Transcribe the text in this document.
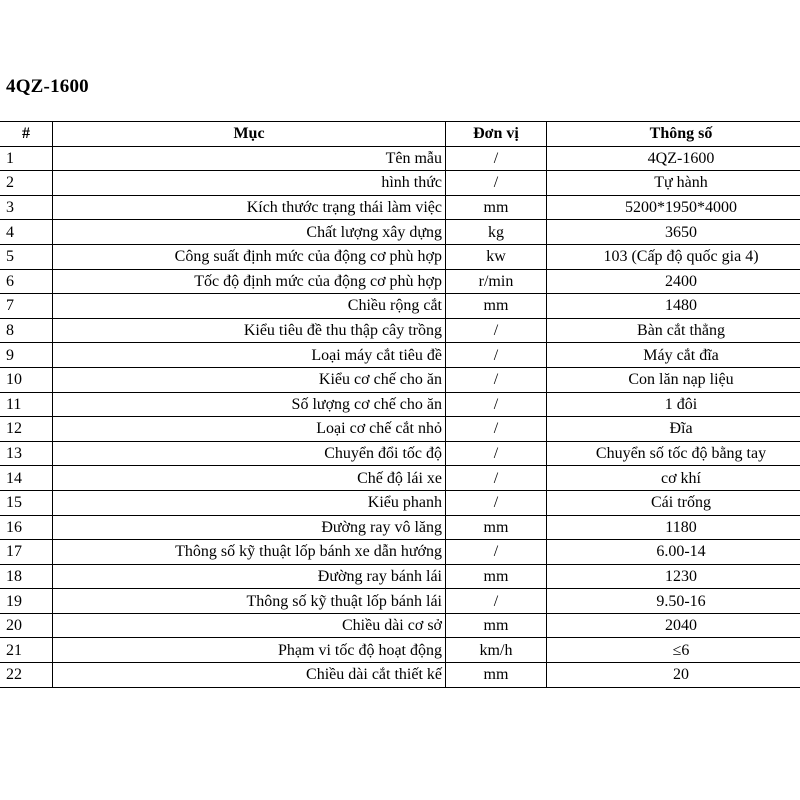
4QZ-1600
#	Mục	Đơn vị	Thông số
1	Tên mẫu	/	4QZ-1600
2	hình thức	/	Tự hành
3	Kích thước trạng thái làm việc	mm	5200*1950*4000
4	Chất lượng xây dựng	kg	3650
5	Công suất định mức của động cơ phù hợp	kw	103 (Cấp độ quốc gia 4)
6	Tốc độ định mức của động cơ phù hợp	r/min	2400
7	Chiều rộng cắt	mm	1480
8	Kiểu tiêu đề thu thập cây trồng	/	Bàn cắt thẳng
9	Loại máy cắt tiêu đề	/	Máy cắt đĩa
10	Kiểu cơ chế cho ăn	/	Con lăn nạp liệu
11	Số lượng cơ chế cho ăn	/	1 đôi
12	Loại cơ chế cắt nhỏ	/	Đĩa
13	Chuyển đổi tốc độ	/	Chuyển số tốc độ bằng tay
14	Chế độ lái xe	/	cơ khí
15	Kiểu phanh	/	Cái trống
16	Đường ray vô lăng	mm	1180
17	Thông số kỹ thuật lốp bánh xe dẫn hướng	/	6.00-14
18	Đường ray bánh lái	mm	1230
19	Thông số kỹ thuật lốp bánh lái	/	9.50-16
20	Chiều dài cơ sở	mm	2040
21	Phạm vi tốc độ hoạt động	km/h	≤6
22	Chiều dài cắt thiết kế	mm	20
